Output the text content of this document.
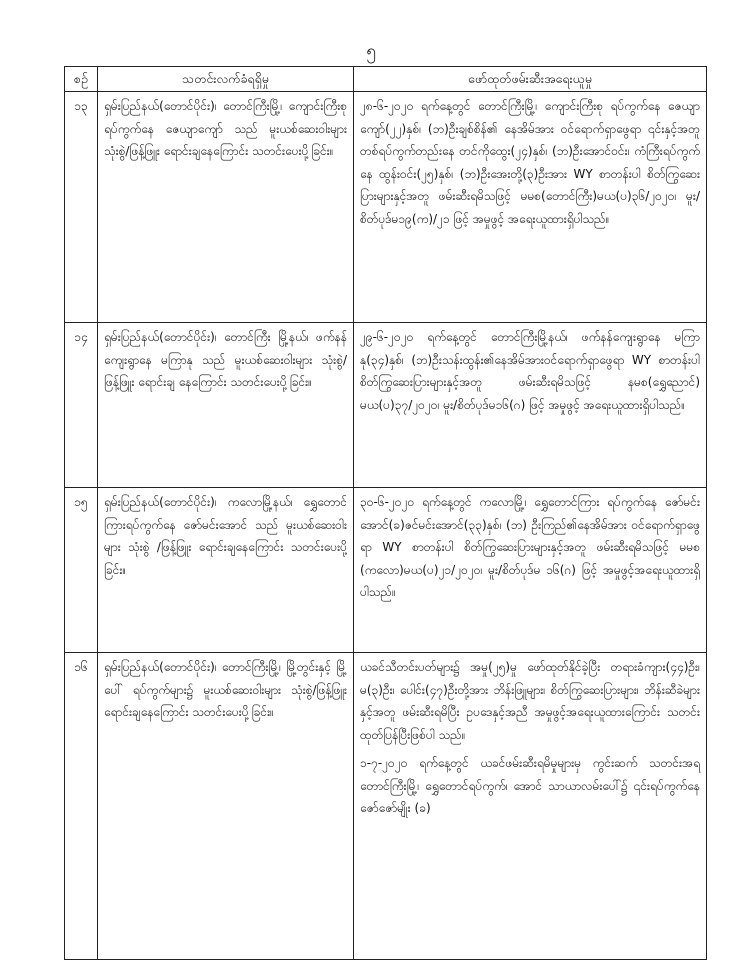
၅
စဉ်	သတင်းလက်ခံရရှိမှု	ဖော်ထုတ်ဖမ်းဆီးအရေးယူမှု
၁၃	ရှမ်းပြည်နယ်(တောင်ပိုင်း)၊ တောင်ကြီးမြို့၊ ကျောင်းကြီးစု ရပ်ကွက်နေ ဇေယျာကျော် သည် မူးယစ်ဆေးဝါးများ သုံးစွဲ/ဖြန့်ဖြူး ရောင်းချနေကြောင်း သတင်းပေးပို့ခြင်း။	၂၈-၆-၂၀၂၀ ရက်နေ့တွင် တောင်ကြီးမြို့၊ ကျောင်းကြီးစု ရပ်ကွက်နေ ဇေယျာကျော်(၂၂)နှစ်၊ (ဘ)ဦးချစ်စိန်၏ နေအိမ်အား ဝင်ရောက်ရှာဖွေရာ ၎င်းနှင့်အတူ တစ်ရပ်ကွက်တည်းနေ တင်ကိုထွေး(၂၄)နှစ်၊ (ဘ)ဦးအောင်ဝင်း၊ ကံကြီးရပ်ကွက်နေ ထွန်းဝင်း(၂၅)နှစ်၊ (ဘ)ဦးအေးတို့(၃)ဦးအား WY စာတန်းပါ စိတ်ကြွဆေးပြားများနှင့်အတူ ဖမ်းဆီးရမိသဖြင့် မမစ(တောင်ကြီး)မယ(ပ)၃၆/၂၀၂၀၊ မူး/စိတ်ပုဒ်မ၁၉(က)/၂၁ ဖြင့် အမှုဖွင့် အရေးယူထားရှိပါသည်။

၁၄	ရှမ်းပြည်နယ်(တောင်ပိုင်း)၊ တောင်ကြီး မြို့နယ်၊ ဖက်နန်ကျေးရွာနေ မကြာနု သည် မူးယစ်ဆေးဝါးများ သုံးစွဲ/ဖြန့်ဖြူး ရောင်းချ နေကြောင်း သတင်းပေးပို့ခြင်း။	၂၉-၆-၂၀၂၀ ရက်နေ့တွင် တောင်ကြီးမြို့နယ်၊ ဖက်နန်ကျေးရွာနေ မကြာနု(၃၄)နှစ်၊ (ဘ)ဦးသန်းထွန်း၏နေအိမ်အားဝင်ရောက်ရှာဖွေရာ WY စာတန်းပါစိတ်ကြွဆေးပြားများနှင့်အတူ ဖမ်းဆီးရမိသဖြင့် နမစ(ရွှေညောင်) မယ(ပ)၃၇/၂၀၂၀၊ မူး/စိတ်ပုဒ်မ၁၆(ဂ) ဖြင့် အမှုဖွင့် အရေးယူထားရှိပါသည်။

၁၅	ရှမ်းပြည်နယ်(တောင်ပိုင်း)၊ ကလောမြို့နယ်၊ ရွှေတောင်ကြားရပ်ကွက်နေ ဇော်မင်းအောင် သည် မူးယစ်ဆေးဝါးများ သုံးစွဲ /ဖြန့်ဖြူး ရောင်းချနေကြောင်း သတင်းပေးပို့ခြင်း။	၃၀-၆-၂၀၂၀ ရက်နေ့တွင် ကလောမြို့၊ ရွှေတောင်ကြား ရပ်ကွက်နေ ဇော်မင်းအောင်(ခ)ဇင်မင်းအောင်(၃၃)နှစ်၊ (ဘ) ဦးကြည်၏နေအိမ်အား ဝင်ရောက်ရှာဖွေရာ WY စာတန်းပါ စိတ်ကြွဆေးပြားများနှင့်အတူ ဖမ်းဆီးရမိသဖြင့် မမစ (ကလော)မယ(ပ)၂၁/၂၀၂၀၊ မူး/စိတ်ပုဒ်မ ၁၆(ဂ) ဖြင့် အမှုဖွင့်အရေးယူထားရှိပါသည်။

၁၆	ရှမ်းပြည်နယ်(တောင်ပိုင်း)၊ တောင်ကြီးမြို့၊ မြို့တွင်းနှင့် မြို့ပေါ် ရပ်ကွက်များ၌ မူးယစ်ဆေးဝါးများ သုံးစွဲ/ဖြန့်ဖြူးရောင်းချနေကြောင်း သတင်းပေးပို့ခြင်း။	ယခင်သီတင်းပတ်များ၌ အမှု(၂၅)မှု ဖော်ထုတ်နိုင်ခဲ့ပြီး တရားခံကျား(၄၄)ဦး၊ မ(၃)ဦး၊ ပေါင်း(၄၇)ဦးတို့အား ဘိန်းဖြူများ၊ စိတ်ကြွဆေးပြားများ၊ ဘိန်းဆီခဲများနှင့်အတူ ဖမ်းဆီးရမိပြီး ဥပဒေနှင့်အညီ အမှုဖွင့်အရေးယူထားကြောင်း သတင်းထုတ်ပြန်ပြီးဖြစ်ပါ သည်။

၁-၇-၂၀၂၀ ရက်နေ့တွင် ယခင်ဖမ်းဆီးရမိမှုများမှ ကွင်းဆက် သတင်းအရ တောင်ကြီးမြို့၊ ရွှေတောင်ရပ်ကွက်၊ အောင် သာယာလမ်းပေါ်၌ ၎င်းရပ်ကွက်နေ ဇော်ဇော်မျိုး (ခ)
